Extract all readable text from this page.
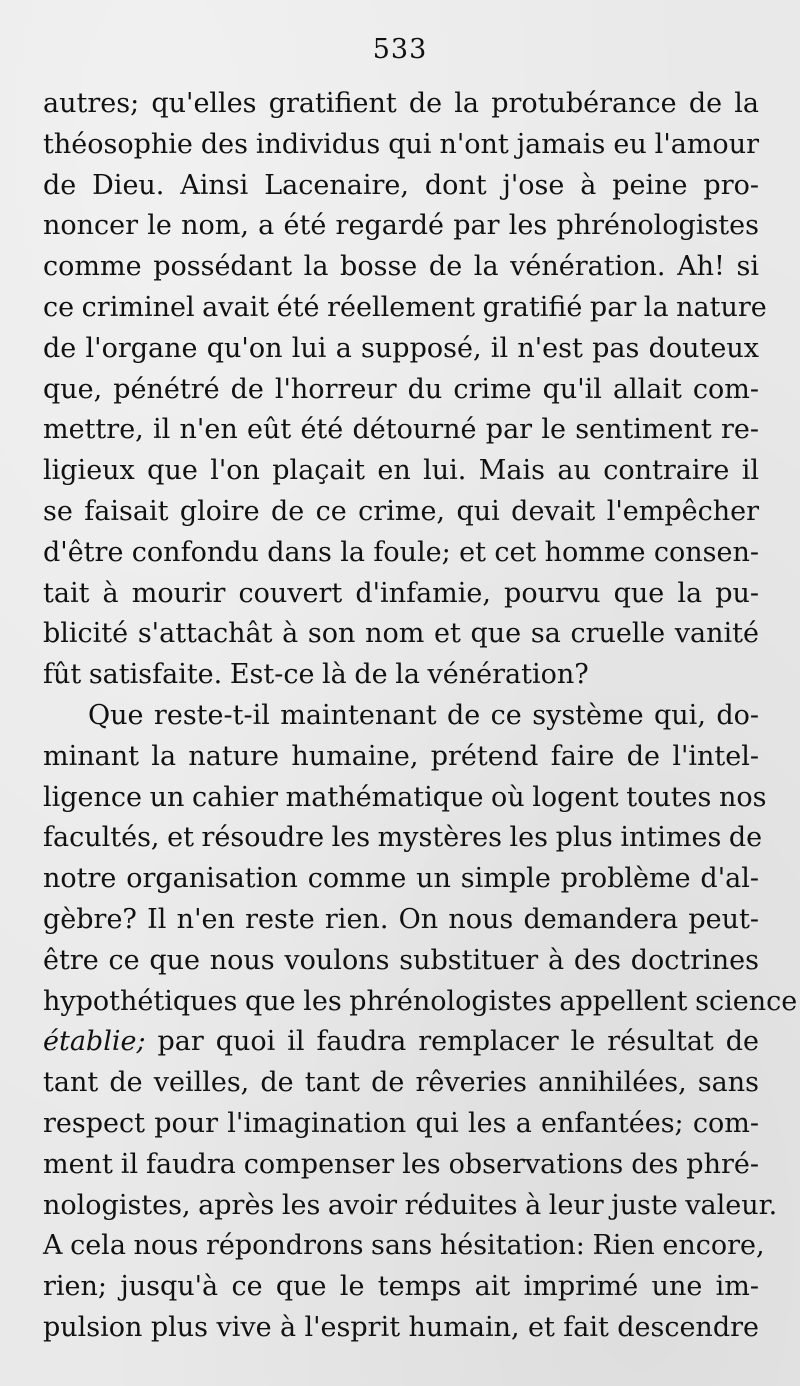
533
autres; qu'elles gratifient de la protubérance de la
théosophie des individus qui n'ont jamais eu l'amour
de Dieu. Ainsi Lacenaire, dont j'ose à peine pro-
noncer le nom, a été regardé par les phrénologistes
comme possédant la bosse de la vénération. Ah! si
ce criminel avait été réellement gratifié par la nature
de l'organe qu'on lui a supposé, il n'est pas douteux
que, pénétré de l'horreur du crime qu'il allait com-
mettre, il n'en eût été détourné par le sentiment re-
ligieux que l'on plaçait en lui. Mais au contraire il
se faisait gloire de ce crime, qui devait l'empêcher
d'être confondu dans la foule; et cet homme consen-
tait à mourir couvert d'infamie, pourvu que la pu-
blicité s'attachât à son nom et que sa cruelle vanité
fût satisfaite. Est-ce là de la vénération?
Que reste-t-il maintenant de ce système qui, do-
minant la nature humaine, prétend faire de l'intel-
ligence un cahier mathématique où logent toutes nos
facultés, et résoudre les mystères les plus intimes de
notre organisation comme un simple problème d'al-
gèbre? Il n'en reste rien. On nous demandera peut-
être ce que nous voulons substituer à des doctrines
hypothétiques que les phrénologistes appellent science
établie; par quoi il faudra remplacer le résultat de
tant de veilles, de tant de rêveries annihilées, sans
respect pour l'imagination qui les a enfantées; com-
ment il faudra compenser les observations des phré-
nologistes, après les avoir réduites à leur juste valeur.
A cela nous répondrons sans hésitation: Rien encore,
rien; jusqu'à ce que le temps ait imprimé une im-
pulsion plus vive à l'esprit humain, et fait descendre
